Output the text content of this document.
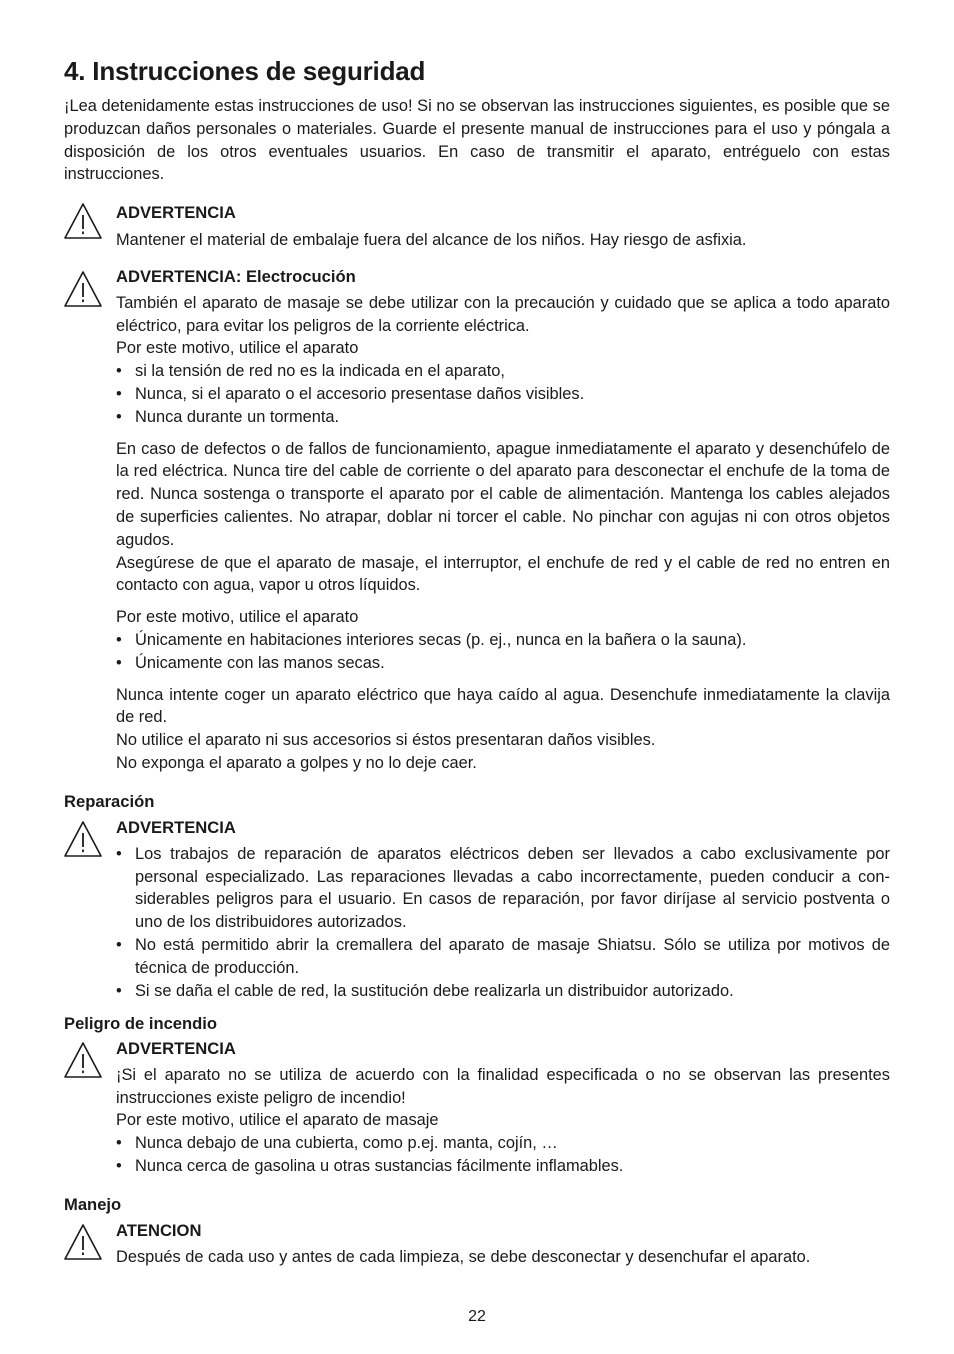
4. Instrucciones de seguridad

¡Lea detenidamente estas instrucciones de uso! Si no se observan las instrucciones siguientes, es posible que se produzcan daños personales o materiales. Guarde el presente manual de instrucciones para el uso y póngala a disposición de los otros eventuales usuarios. En caso de transmitir el aparato, entréguelo con estas instrucciones.

ADVERTENCIA

Mantener el material de embalaje fuera del alcance de los niños. Hay riesgo de asfixia.

ADVERTENCIA: Electrocución

También el aparato de masaje se debe utilizar con la precaución y cuidado que se aplica a todo aparato eléctrico, para evitar los peligros de la corriente eléctrica.

Por este motivo, utilice el aparato

• si la tensión de red no es la indicada en el aparato,
• Nunca, si el aparato o el accesorio presentase daños visibles.
• Nunca durante un tormenta.

En caso de defectos o de fallos de funcionamiento, apague inmediatamente el aparato y desenchúfelo de la red eléctrica. Nunca tire del cable de corriente o del aparato para desconectar el enchufe de la toma de red. Nunca sostenga o transporte el aparato por el cable de alimentación. Mantenga los cables alejados de superficies calientes. No atrapar, doblar ni torcer el cable. No pinchar con agujas ni con otros objetos agudos.

Asegúrese de que el aparato de masaje, el interruptor, el enchufe de red y el cable de red no entren en contacto con agua, vapor u otros líquidos.

Por este motivo, utilice el aparato

• Únicamente en habitaciones interiores secas (p. ej., nunca en la bañera o la sauna).
• Únicamente con las manos secas.

Nunca intente coger un aparato eléctrico que haya caído al agua. Desenchufe inmediatamente la clavija de red.

No utilice el aparato ni sus accesorios si éstos presentaran daños visibles.

No exponga el aparato a golpes y no lo deje caer.

Reparación

ADVERTENCIA

• Los trabajos de reparación de aparatos eléctricos deben ser llevados a cabo exclusivamente por personal especializado. Las reparaciones llevadas a cabo incorrectamente, pueden conducir a con- siderables peligros para el usuario. En casos de reparación, por favor diríjase al servicio postventa o uno de los distribuidores autorizados.
• No está permitido abrir la cremallera del aparato de masaje Shiatsu. Sólo se utiliza por motivos de técnica de producción.
• Si se daña el cable de red, la sustitución debe realizarla un distribuidor autorizado.

Peligro de incendio

ADVERTENCIA

¡Si el aparato no se utiliza de acuerdo con la finalidad especificada o no se observan las presentes instrucciones existe peligro de incendio!

Por este motivo, utilice el aparato de masaje

• Nunca debajo de una cubierta, como p.ej. manta, cojín, …
• Nunca cerca de gasolina u otras sustancias fácilmente inflamables.

Manejo

ATENCION

Después de cada uso y antes de cada limpieza, se debe desconectar y desenchufar el aparato.

22
